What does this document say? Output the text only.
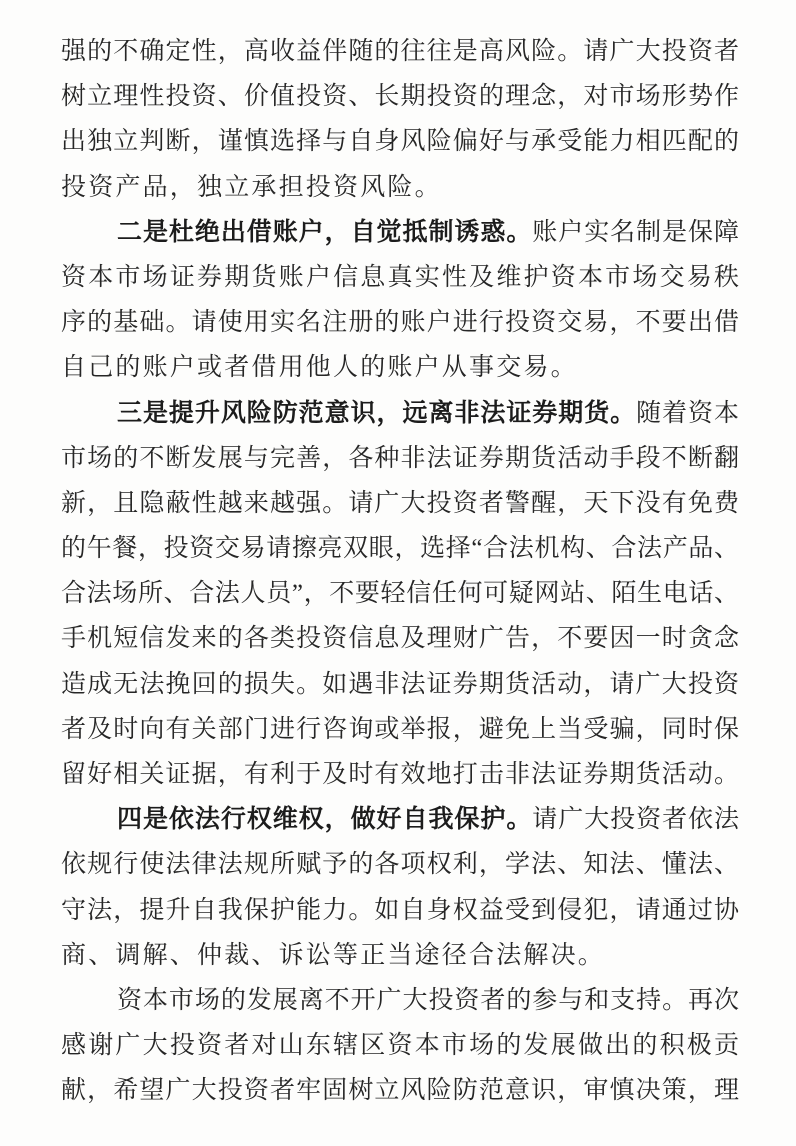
强的不确定性，高收益伴随的往往是高风险。请广大投资者
树立理性投资、价值投资、长期投资的理念，对市场形势作
出独立判断，谨慎选择与自身风险偏好与承受能力相匹配的
投资产品，独立承担投资风险。
二是杜绝出借账户，自觉抵制诱惑。账户实名制是保障
资本市场证券期货账户信息真实性及维护资本市场交易秩
序的基础。请使用实名注册的账户进行投资交易，不要出借
自己的账户或者借用他人的账户从事交易。
三是提升风险防范意识，远离非法证券期货。随着资本
市场的不断发展与完善，各种非法证券期货活动手段不断翻
新，且隐蔽性越来越强。请广大投资者警醒，天下没有免费
的午餐，投资交易请擦亮双眼，选择“合法机构、合法产品、
合法场所、合法人员”，不要轻信任何可疑网站、陌生电话、
手机短信发来的各类投资信息及理财广告，不要因一时贪念
造成无法挽回的损失。如遇非法证券期货活动，请广大投资
者及时向有关部门进行咨询或举报，避免上当受骗，同时保
留好相关证据，有利于及时有效地打击非法证券期货活动。
四是依法行权维权，做好自我保护。请广大投资者依法
依规行使法律法规所赋予的各项权利，学法、知法、懂法、
守法，提升自我保护能力。如自身权益受到侵犯，请通过协
商、调解、仲裁、诉讼等正当途径合法解决。
资本市场的发展离不开广大投资者的参与和支持。再次
感谢广大投资者对山东辖区资本市场的发展做出的积极贡
献，希望广大投资者牢固树立风险防范意识，审慎决策，理
